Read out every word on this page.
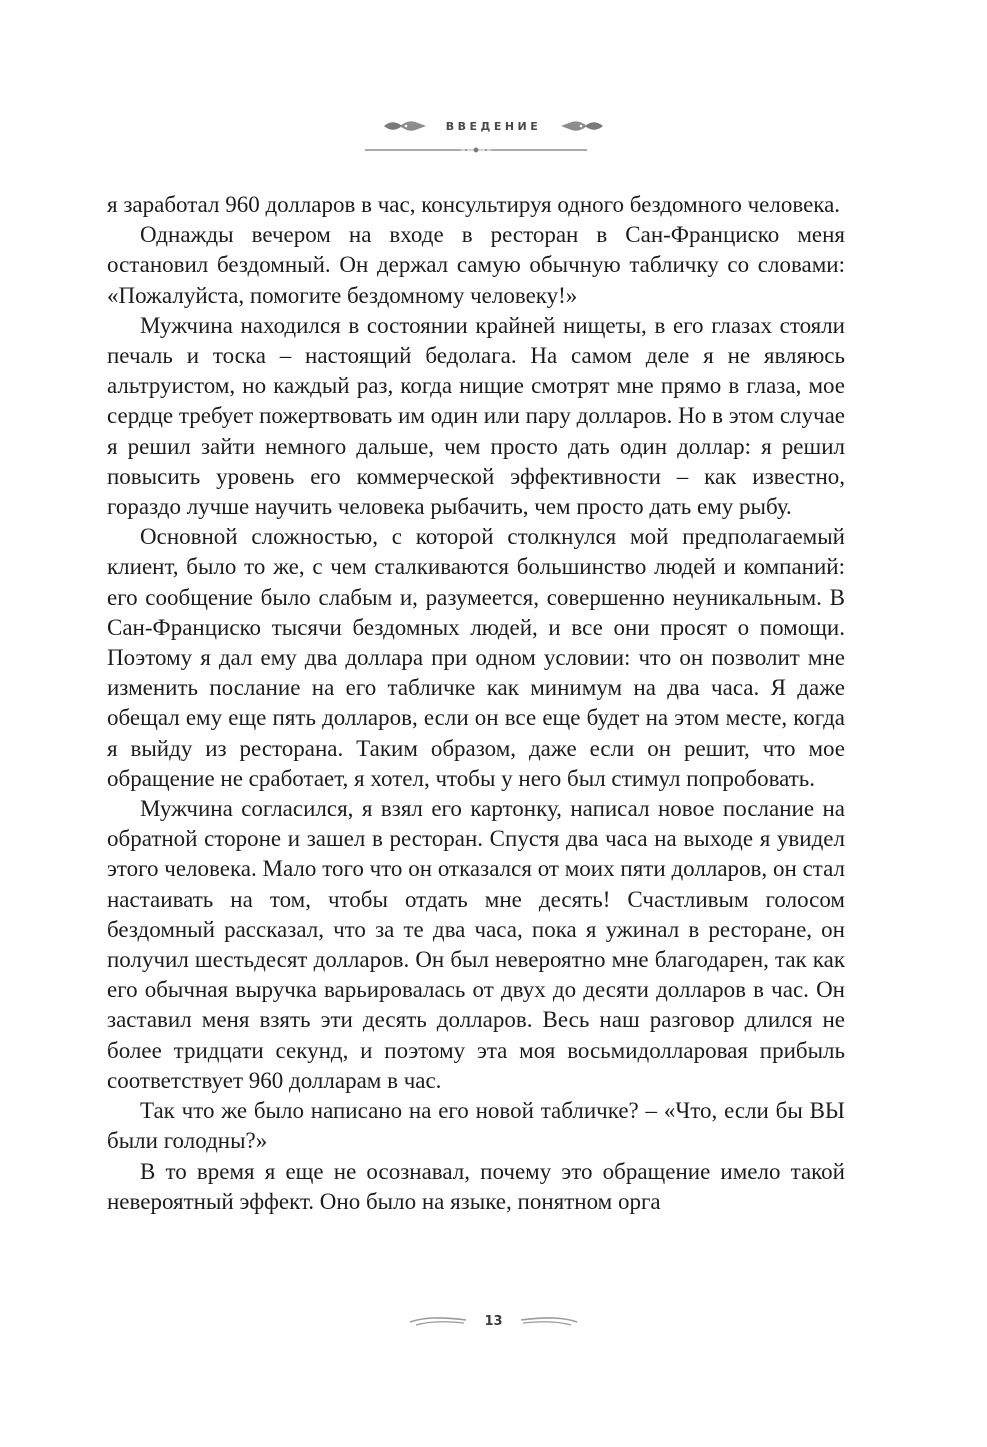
ВВЕДЕНИЕ

я заработал 960 долларов в час, консультируя одного бездомного человека.

Однажды вечером на входе в ресторан в Сан-Франциско меня остановил бездомный. Он держал самую обычную табличку со словами: «Пожалуйста, помогите бездомному человеку!»

Мужчина находился в состоянии крайней нищеты, в его глазах стояли печаль и тоска – настоящий бедолага. На самом деле я не являюсь альтруистом, но каждый раз, когда нищие смотрят мне прямо в глаза, мое сердце требует пожертвовать им один или пару долларов. Но в этом случае я решил зайти немного дальше, чем просто дать один доллар: я решил повысить уровень его коммерческой эффективности – как известно, гораздо лучше научить человека рыбачить, чем просто дать ему рыбу.

Основной сложностью, с которой столкнулся мой предполагаемый клиент, было то же, с чем сталкиваются большинство людей и компаний: его сообщение было слабым и, разумеется, совершенно неуникальным. В Сан-Франциско тысячи бездомных людей, и все они просят о помощи. Поэтому я дал ему два доллара при одном условии: что он позволит мне изменить послание на его табличке как минимум на два часа. Я даже обещал ему еще пять долларов, если он все еще будет на этом месте, когда я выйду из ресторана. Таким образом, даже если он решит, что мое обращение не сработает, я хотел, чтобы у него был стимул попробовать.

Мужчина согласился, я взял его картонку, написал новое послание на обратной стороне и зашел в ресторан. Спустя два часа на выходе я увидел этого человека. Мало того что он отказался от моих пяти долларов, он стал настаивать на том, чтобы отдать мне десять! Счастливым голосом бездомный рассказал, что за те два часа, пока я ужинал в ресторане, он получил шестьдесят долларов. Он был невероятно мне благодарен, так как его обычная выручка варьировалась от двух до десяти долларов в час. Он заставил меня взять эти десять долларов. Весь наш разговор длился не более тридцати секунд, и поэтому эта моя восьмидолларовая прибыль соответствует 960 долларам в час.

Так что же было написано на его новой табличке? – «Что, если бы ВЫ были голодны?»

В то время я еще не осознавал, почему это обращение имело такой невероятный эффект. Оно было на языке, понятном орга

13
